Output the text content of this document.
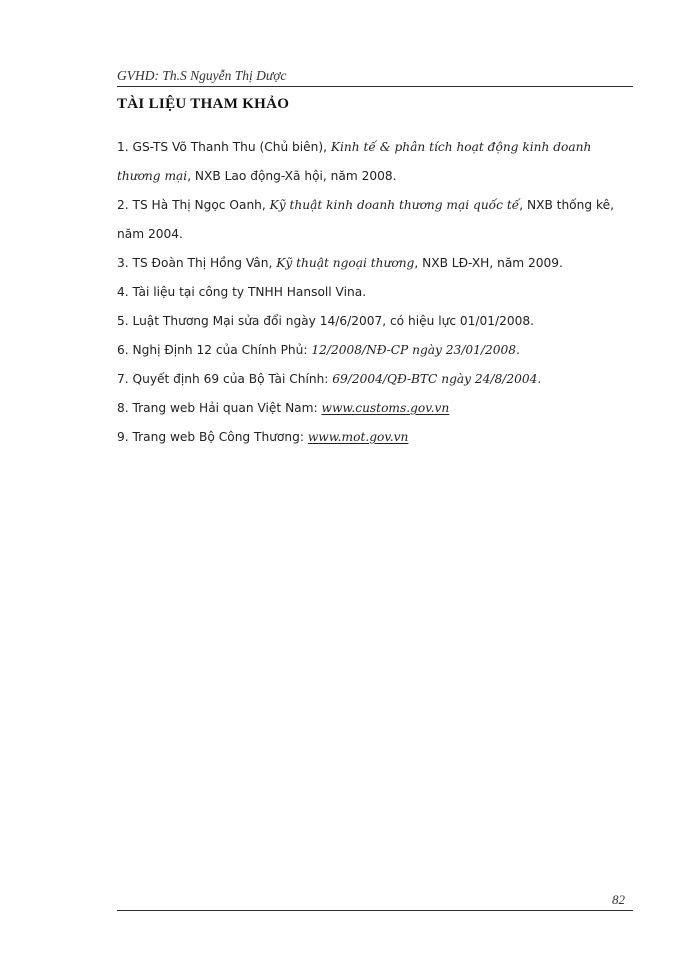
GVHD: Th.S Nguyễn Thị Dược
TÀI LIỆU THAM KHẢO

1. GS-TS Võ Thanh Thu (Chủ biên), Kinh tế & phân tích hoạt động kinh doanh thương mại, NXB Lao động-Xã hội, năm 2008.

2. TS Hà Thị Ngọc Oanh, Kỹ thuật kinh doanh thương mại quốc tế, NXB thống kê, năm 2004.

3. TS Đoàn Thị Hồng Vân, Kỹ thuật ngoại thương, NXB LĐ-XH, năm 2009.

4. Tài liệu tại công ty TNHH Hansoll Vina.

5. Luật Thương Mại sửa đổi ngày 14/6/2007, có hiệu lực 01/01/2008.

6. Nghị Định 12 của Chính Phủ: 12/2008/NĐ-CP ngày 23/01/2008.

7. Quyết định 69 của Bộ Tài Chính: 69/2004/QĐ-BTC ngày 24/8/2004.

8. Trang web Hải quan Việt Nam: www.customs.gov.vn

9. Trang web Bộ Công Thương: www.mot.gov.vn

82
